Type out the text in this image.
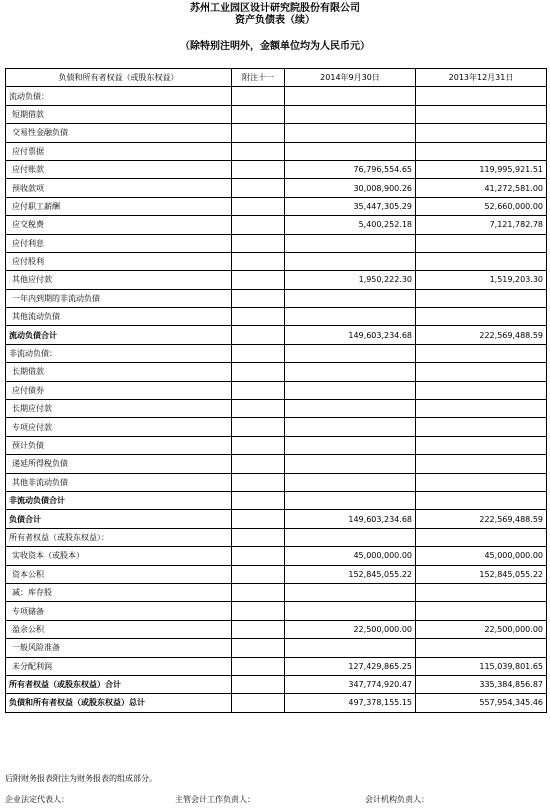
苏州工业园区设计研究院股份有限公司
资产负债表（续）
（除特别注明外，金额单位均为人民币元）
负债和所有者权益（或股东权益）	附注十一	2014年9月30日	2013年12月31日
流动负债：			
短期借款			
交易性金融负债			
应付票据			
应付账款		76,796,554.65	119,995,921.51
预收款项		30,008,900.26	41,272,581.00
应付职工薪酬		35,447,305.29	52,660,000.00
应交税费		5,400,252.18	7,121,782.78
应付利息			
应付股利			
其他应付款		1,950,222.30	1,519,203.30
一年内到期的非流动负债			
其他流动负债			
流动负债合计		149,603,234.68	222,569,488.59
非流动负债：			
长期借款			
应付债券			
长期应付款			
专项应付款			
预计负债			
递延所得税负债			
其他非流动负债			
非流动负债合计			
负债合计		149,603,234.68	222,569,488.59
所有者权益（或股东权益）：			
实收资本（或股本）		45,000,000.00	45,000,000.00
资本公积		152,845,055.22	152,845,055.22
减：库存股			
专项储备			
盈余公积		22,500,000.00	22,500,000.00
一般风险准备			
未分配利润		127,429,865.25	115,039,801.65
所有者权益（或股东权益）合计		347,774,920.47	335,384,856.87
负债和所有者权益（或股东权益）总计		497,378,155.15	557,954,345.46
后附财务报表附注为财务报表的组成部分。
企业法定代表人：	主管会计工作负责人：	会计机构负责人：
